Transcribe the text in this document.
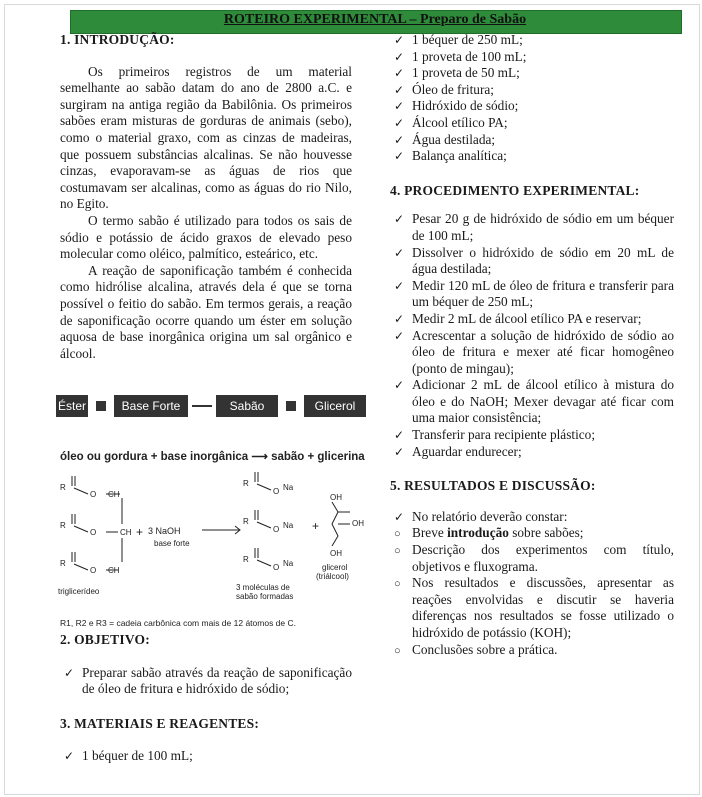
ROTEIRO EXPERIMENTAL – Preparo de Sabão
1. INTRODUÇÃO:

Os primeiros registros de um material semelhante ao sabão datam do ano de 2800 a.C. e surgiram na antiga região da Babilônia. Os primeiros sabões eram misturas de gorduras de animais (sebo), como o material graxo, com as cinzas de madeiras, que possuem substâncias alcalinas. Se não houvesse cinzas, evaporavam-se as águas de rios que costumavam ser alcalinas, como as águas do rio Nilo, no Egito.

O termo sabão é utilizado para todos os sais de sódio e potássio de ácido graxos de elevado peso molecular como oléico, palmítico, esteárico, etc.

A reação de saponificação também é conhecida como hidrólise alcalina, através dela é que se torna possível o feitio do sabão. Em termos gerais, a reação de saponificação ocorre quando um éster em solução aquosa de base inorgânica origina um sal orgânico e álcool.

Éster	Base Forte	Sabão	Glicerol
óleo ou gordura + base inorgânica ⟶ sabão + glicerina
R
O CH
R
O	CH
R
O CH
R
O Na
R
O Na
R
O Na
OH
OH
OH
+
+ 3 NaOH
base forte
triglicerídeo	3 moléculas de
sabão formadas
glicerol
(triálcool)
R1, R2 e R3 = cadeia carbônica com mais de 12 átomos de C.
2. OBJETIVO:
✓ Preparar sabão através da reação de saponificação de óleo de fritura e hidróxido de sódio;
3. MATERIAIS E REAGENTES:
✓ 1 béquer de 100 mL;
✓ 1 béquer de 250 mL;
✓ 1 proveta de 100 mL;
✓ 1 proveta de 50 mL;
✓ Óleo de fritura;
✓ Hidróxido de sódio;
✓ Álcool etílico PA;
✓ Água destilada;
✓ Balança analítica;
4. PROCEDIMENTO EXPERIMENTAL:
✓ Pesar 20 g de hidróxido de sódio em um béquer de 100 mL;
✓ Dissolver o hidróxido de sódio em 20 mL de água destilada;
✓ Medir 120 mL de óleo de fritura e transferir para um béquer de 250 mL;
✓ Medir 2 mL de álcool etílico PA e reservar;
✓ Acrescentar a solução de hidróxido de sódio ao óleo de fritura e mexer até ficar homogêneo (ponto de mingau);
✓ Adicionar 2 mL de álcool etílico à mistura do óleo e do NaOH; Mexer devagar até ficar com uma maior consistência;
✓ Transferir para recipiente plástico;
✓ Aguardar endurecer;
5. RESULTADOS E DISCUSSÃO:
✓ No relatório deverão constar:
○ Breve introdução sobre sabões;
○ Descrição dos experimentos com título, objetivos e fluxograma.
○ Nos resultados e discussões, apresentar as reações envolvidas e discutir se haveria diferenças nos resultados se fosse utilizado o hidróxido de potássio (KOH);
○ Conclusões sobre a prática.
